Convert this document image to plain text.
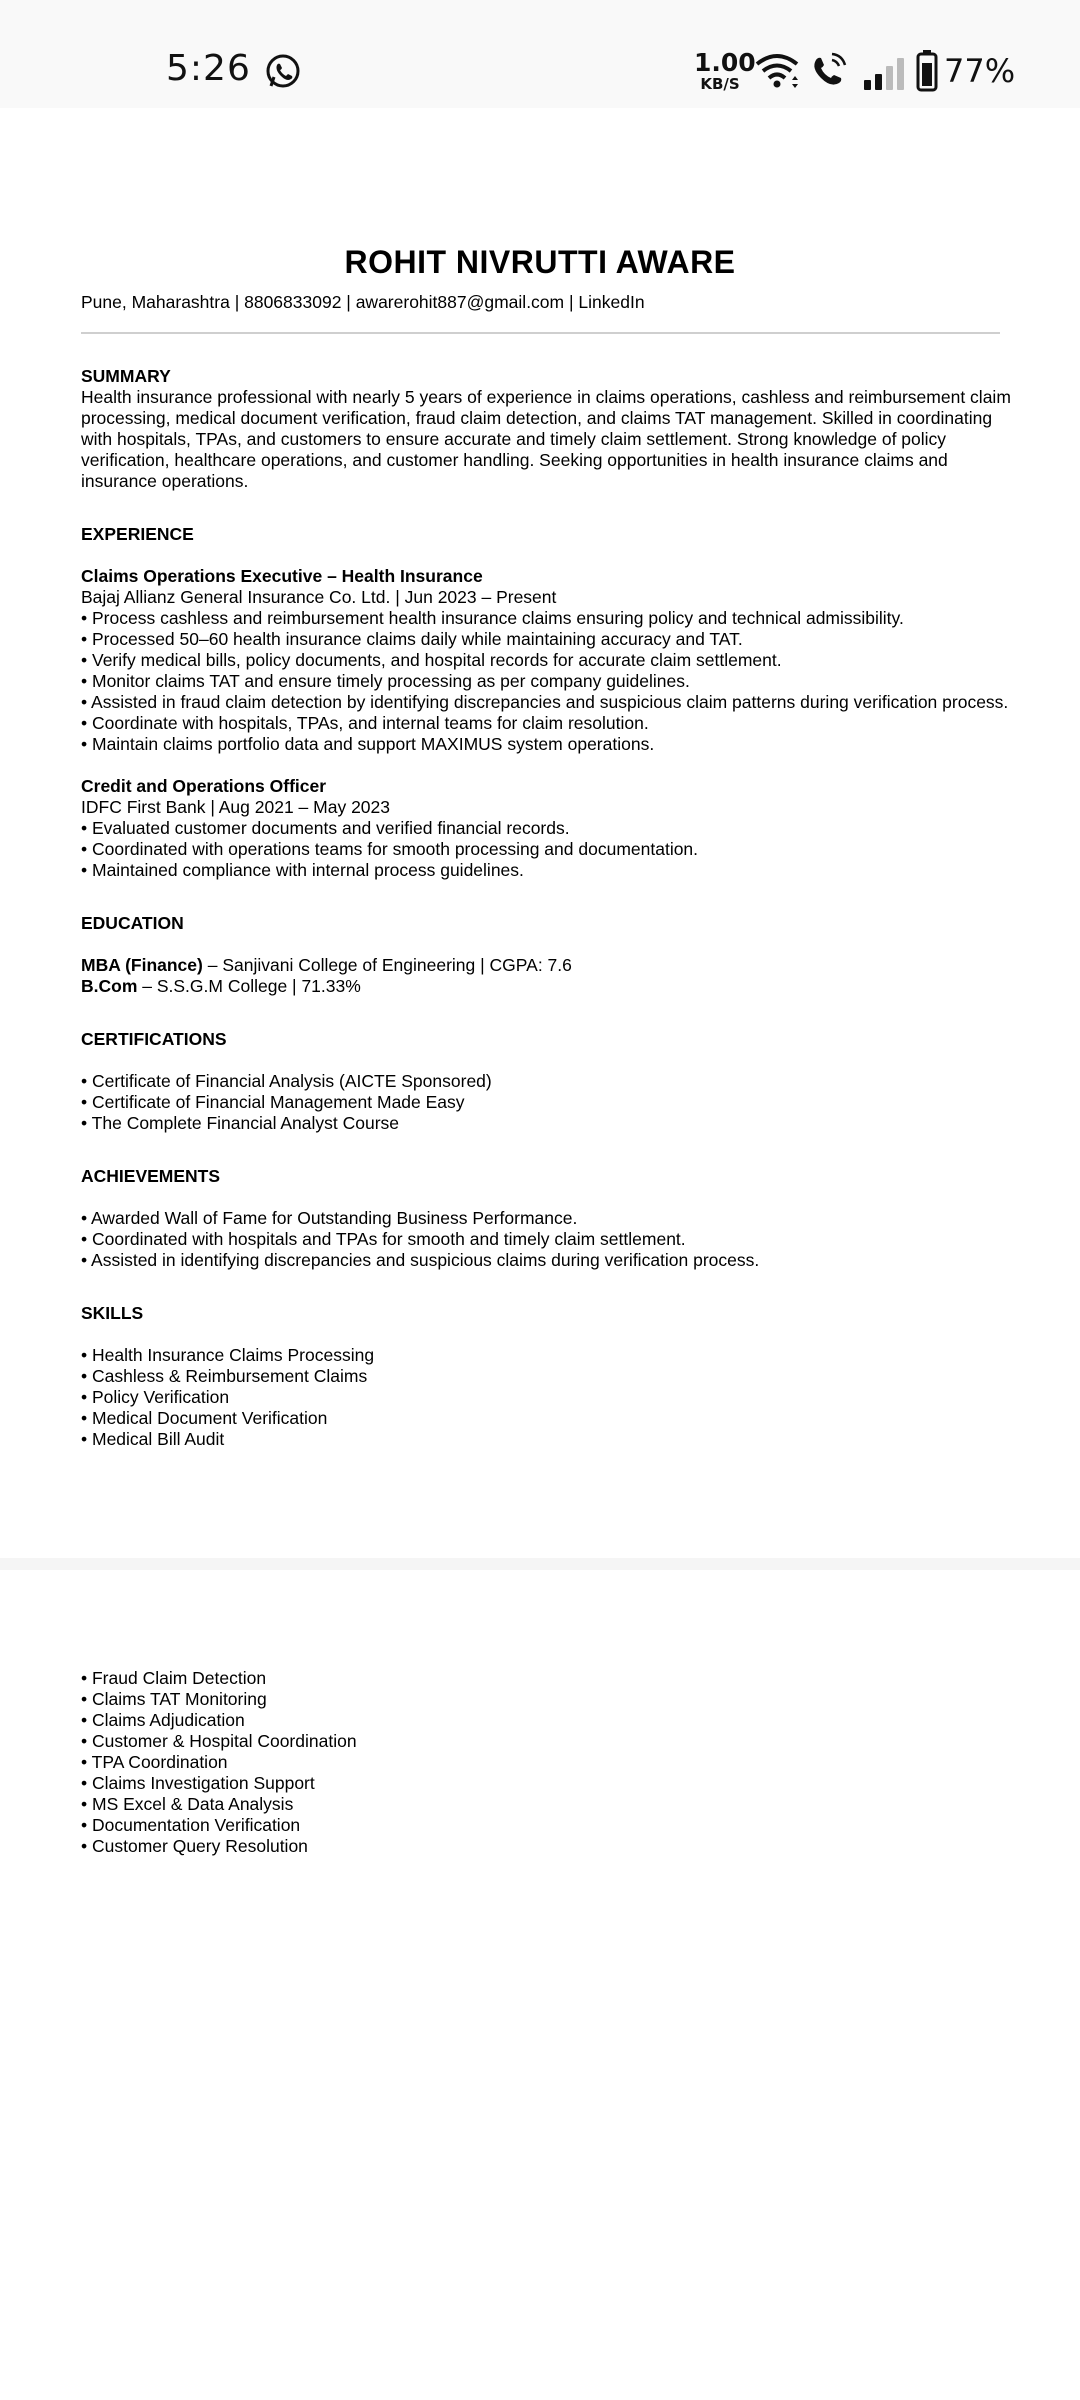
5:26	1.00
KB/S	77%
ROHIT NIVRUTTI AWARE
Pune, Maharashtra | 8806833092 | awarerohit887@gmail.com | LinkedIn
SUMMARY
Health insurance professional with nearly 5 years of experience in claims operations, cashless and reimbursement claim processing, medical document verification, fraud claim detection, and claims TAT management. Skilled in coordinating with hospitals, TPAs, and customers to ensure accurate and timely claim settlement. Strong knowledge of policy verification, healthcare operations, and customer handling. Seeking opportunities in health insurance claims and insurance operations.
EXPERIENCE
Claims Operations Executive – Health Insurance
Bajaj Allianz General Insurance Co. Ltd. | Jun 2023 – Present
• Process cashless and reimbursement health insurance claims ensuring policy and technical admissibility.
• Processed 50–60 health insurance claims daily while maintaining accuracy and TAT.
• Verify medical bills, policy documents, and hospital records for accurate claim settlement.
• Monitor claims TAT and ensure timely processing as per company guidelines.
• Assisted in fraud claim detection by identifying discrepancies and suspicious claim patterns during verification process.
• Coordinate with hospitals, TPAs, and internal teams for claim resolution.
• Maintain claims portfolio data and support MAXIMUS system operations.
Credit and Operations Officer
IDFC First Bank | Aug 2021 – May 2023
• Evaluated customer documents and verified financial records.
• Coordinated with operations teams for smooth processing and documentation.
• Maintained compliance with internal process guidelines.
EDUCATION
MBA (Finance) – Sanjivani College of Engineering | CGPA: 7.6
B.Com – S.S.G.M College | 71.33%
CERTIFICATIONS
• Certificate of Financial Analysis (AICTE Sponsored)
• Certificate of Financial Management Made Easy
• The Complete Financial Analyst Course
ACHIEVEMENTS
• Awarded Wall of Fame for Outstanding Business Performance.
• Coordinated with hospitals and TPAs for smooth and timely claim settlement.
• Assisted in identifying discrepancies and suspicious claims during verification process.
SKILLS
• Health Insurance Claims Processing
• Cashless & Reimbursement Claims
• Policy Verification
• Medical Document Verification
• Medical Bill Audit
• Fraud Claim Detection
• Claims TAT Monitoring
• Claims Adjudication
• Customer & Hospital Coordination
• TPA Coordination
• Claims Investigation Support
• MS Excel & Data Analysis
• Documentation Verification
• Customer Query Resolution
